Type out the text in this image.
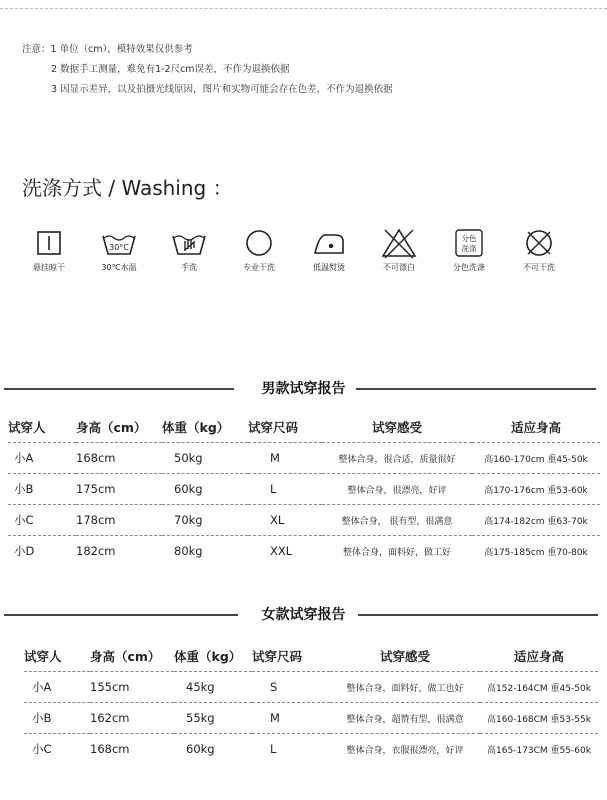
注意：1 单位（cm），模特效果仅供参考
2 数据手工测量，难免有1-2尺cm误差，不作为退换依据
3 因显示差异，以及拍摄光线原因，图片和实物可能会存在色差，不作为退换依据
洗涤方式 / Washing ：
悬挂晾干
30°C
30℃水温	手洗	专业干洗	低温熨烫	不可漂白
分色
洗涤
分色洗涤	不可干洗
男款试穿报告
试穿人	身高（cm）	体重（kg）	试穿尺码	试穿感受	适应身高
小A	168cm	50kg	M	整体合身，很合适，质量很好	高160-170cm 重45-50k
小B	175cm	60kg	L	整体合身，很漂亮，好评	高170-176cm 重53-60k
小C	178cm	70kg	XL	整体合身， 很有型，很满意	高174-182cm 重63-70k
小D	182cm	80kg	XXL	整体合身，面料好，做工好	高175-185cm 重70-80k
女款试穿报告
试穿人	身高（cm）	体重（kg）	试穿尺码	试穿感受	适应身高
小A	155cm	45kg	S	整体合身，面料好，做工也好	高152-164CM 重45-50k
小B	162cm	55kg	M	整体合身，超赞有型，很满意	高160-168CM 重53-55k
小C	168cm	60kg	L	整体合身，衣服很漂亮，好评	高165-173CM 重55-60k
